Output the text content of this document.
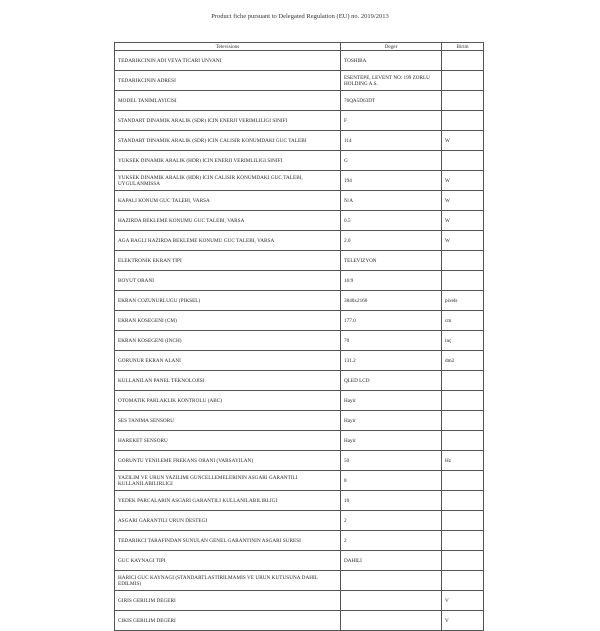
Product fiche pursuant to Delegated Regulation (EU) no. 2019/2013
Televisions	Deger	Birim
TEDARIKCININ ADI VEYA TICARI UNVANI	TOSHIBA	
TEDARIKCININ ADRESI	ESENTEPE, LEVENT NO: 199 ZORLU HOLDING A.S.	
MODEL TANIMLAYICISI	70QA5D63DT	
STANDART DINAMIK ARALIK (SDR) ICIN ENERJI VERIMLILIGI SINIFI	F	
STANDART DINAMIK ARALIK (SDR) ICIN CALISIR KONUMDAKI GUC TALEBI	114	W
YUKSEK DINAMIK ARALIK (HDR) ICIN ENERJI VERIMLILIGI SINIFI	G	
YUKSEK DINAMIK ARALIK (HDR) ICIN CALISIR KONUMDAKI GUC TALEBI, UYGULANMISSA	194	W
KAPALI KONUM GUC TALEBI, VARSA	N/A	W
HAZIRDA BEKLEME KONUMU GUC TALEBI, VARSA	0.5	W
AGA BAGLI HAZIRDA BEKLEME KONUMU GUC TALEBI, VARSA	2.0	W
ELEKTRONIK EKRAN TIPI	TELEVIZYON	
BOYUT ORANI	16:9	
EKRAN COZUNURLUGU (PIKSEL)	3840x2160	pixels
EKRAN KOSEGENI (CM)	177.0	cm
EKRAN KOSEGENI (INCH)	70	inç
GORUNUR EKRAN ALANI	131.2	dm2
KULLANILAN PANEL TEKNOLOJISI	QLED LCD	
OTOMATIK PARLAKLIK KONTROLU (ABC)	Hayir	
SES TANIMA SENSORU	Hayir	
HAREKET SENSORU	Hayir	
GORUNTU YENILEME FREKANS ORANI (VARSAYILAN)	50	Hz
YAZILIM VE URUN YAZILIMI GUNCELLEMELERININ ASGARI GARANTILI KULLANILABILIRLIGI	8	
YEDEK PARCALARIN ASGARI GARANTILI KULLANILABILIRLIGI	10	
ASGARI GARANTILI URUN DESTEGI	2	
TEDARIKCI TARAFINDAN SUNULAN GENEL GARANTININ ASGARI SURESI	2	
GUC KAYNAGI TIPI	DAHILI	
HARICI GUC KAYNAGI (STANDARTLASTIRILMAMIS VE URUN KUTUSUNA DAHIL EDILMIS)		
GIRIS GERILIM DEGERI		V
CIKIS GERILIM DEGERI		V
